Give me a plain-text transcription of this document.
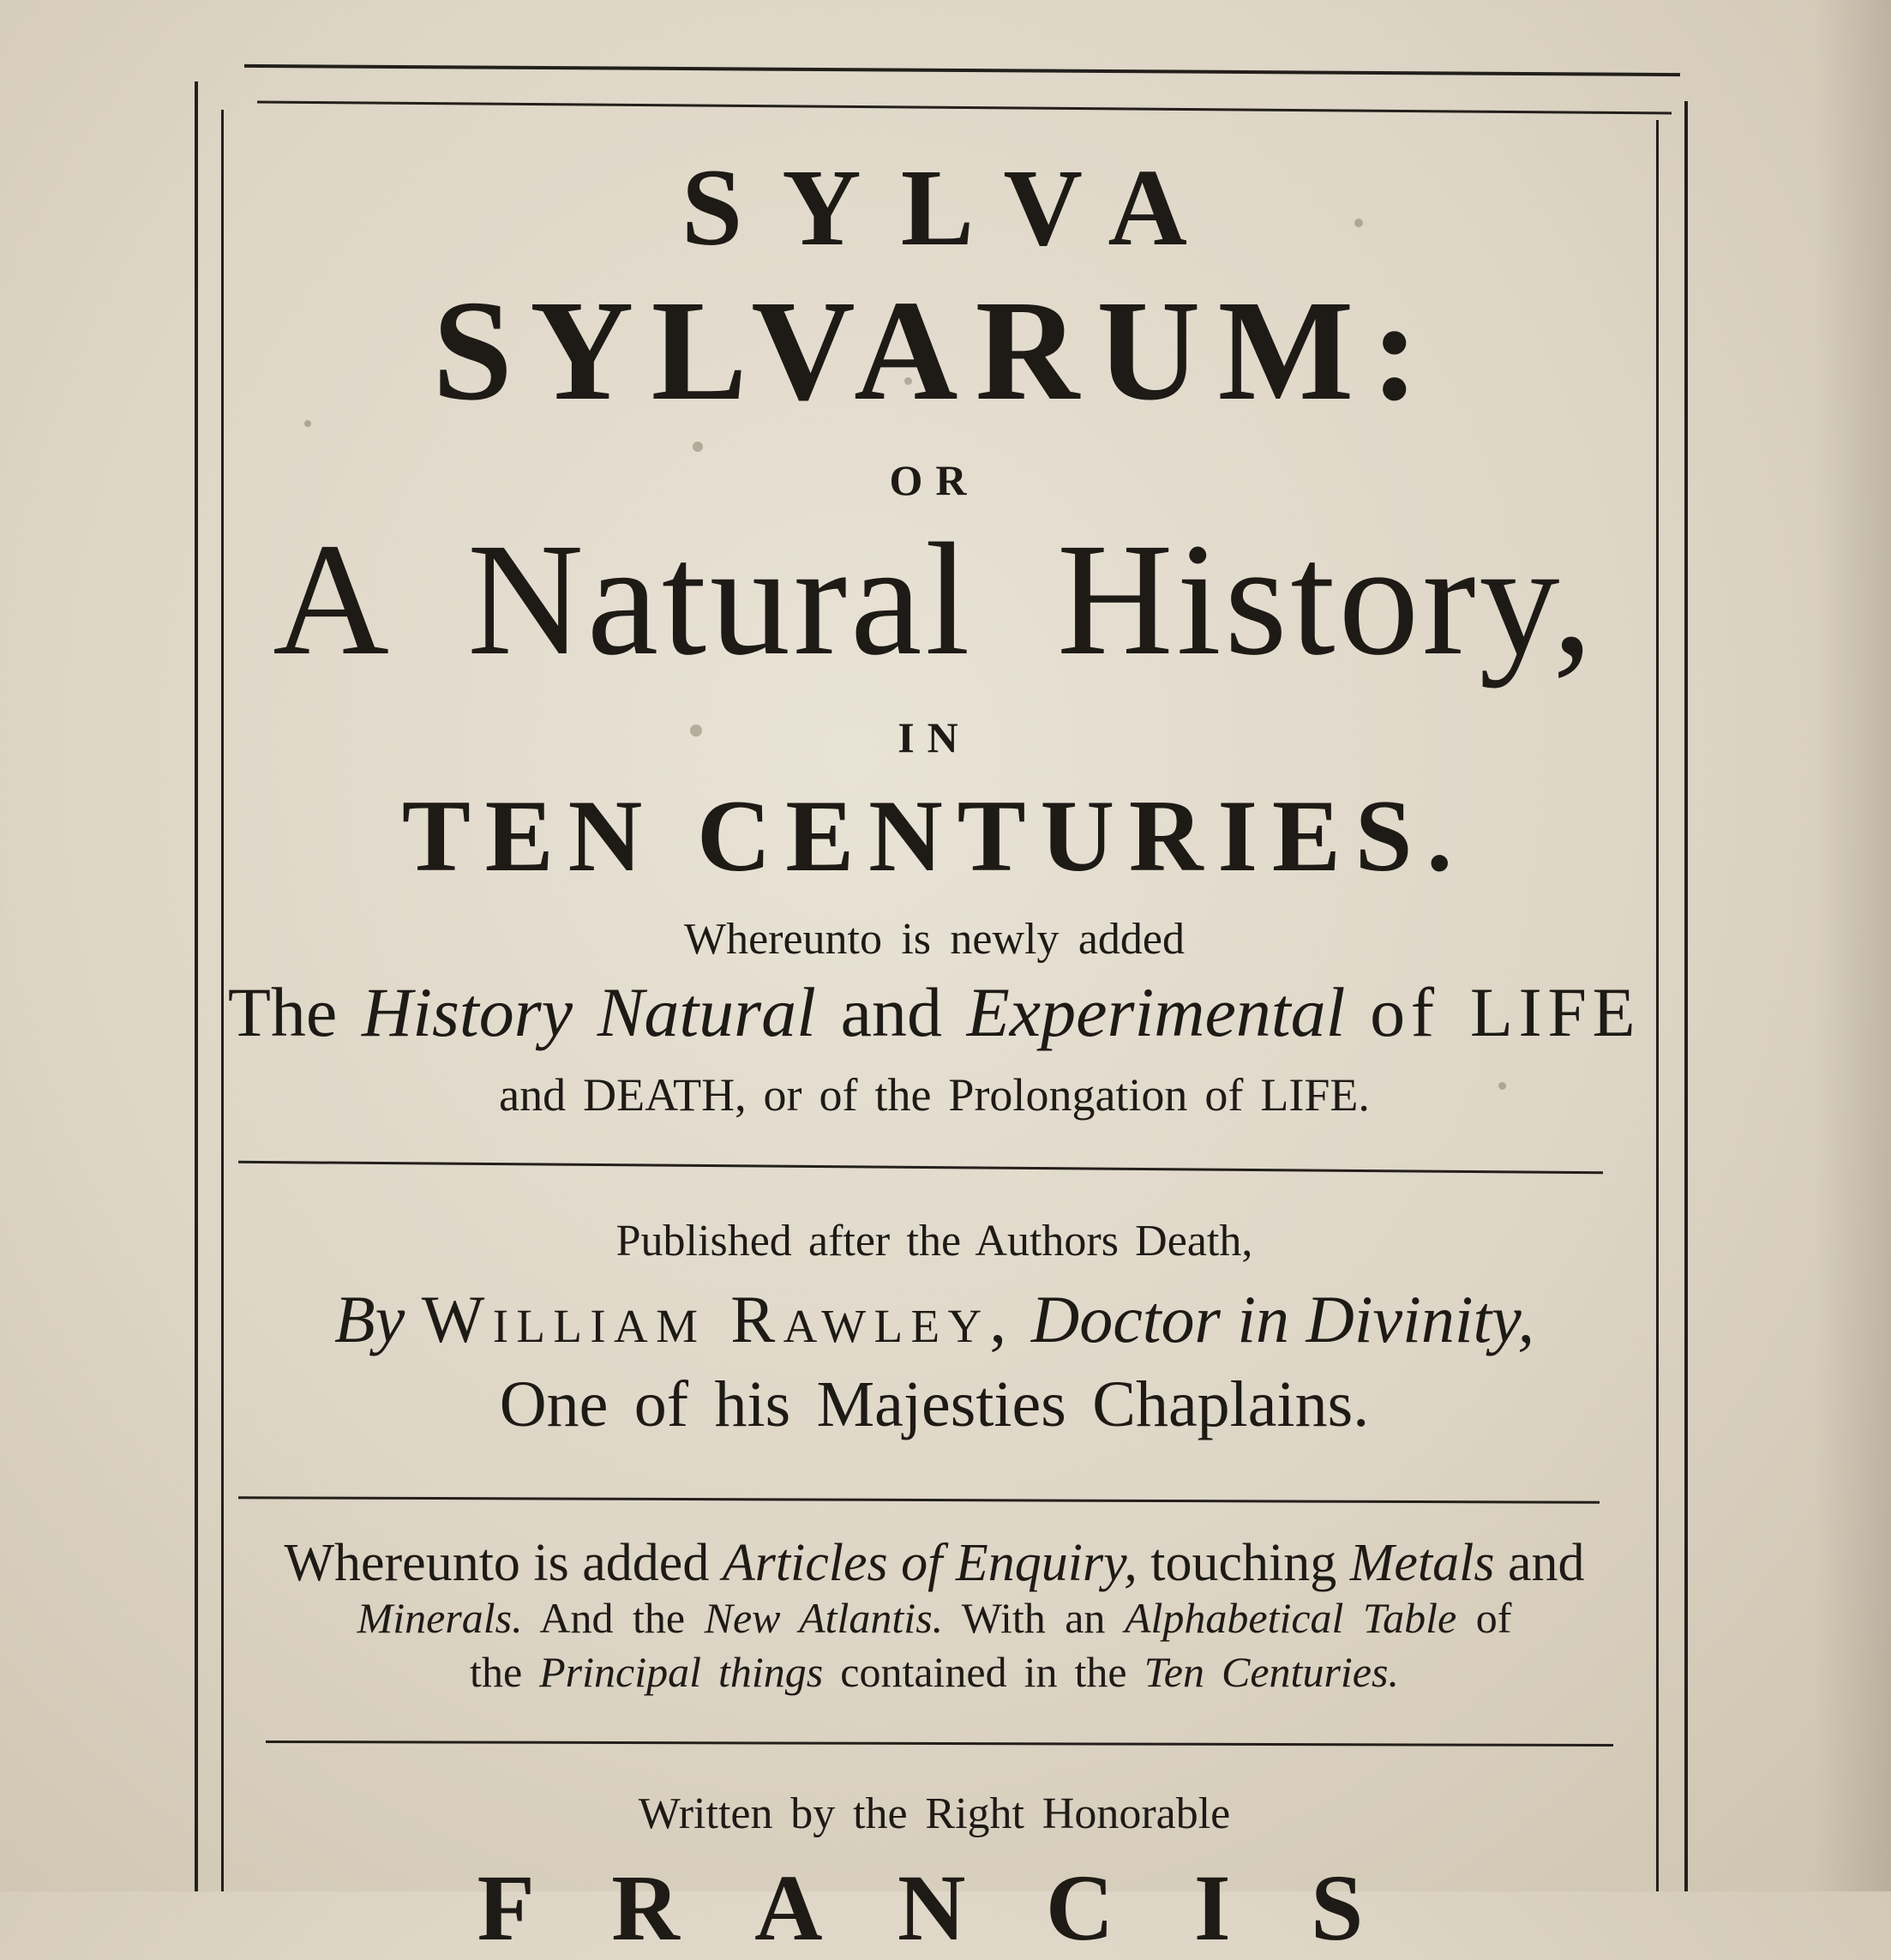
SYLVA

SYLVARUM:

OR

A Natural History,

IN

TEN CENTURIES.

Whereunto is newly added

The History Natural and Experimental of LIFE

and DEATH, or of the Prolongation of LIFE.

Published after the Authors Death,

By William Rawley, Doctor in Divinity,

One of his Majesties Chaplains.

Whereunto is added Articles of Enquiry, touching Metals and

Minerals. And the New Atlantis. With an Alphabetical Table of

the Principal things contained in the Ten Centuries.

Written by the Right Honorable

F R A N C I S
